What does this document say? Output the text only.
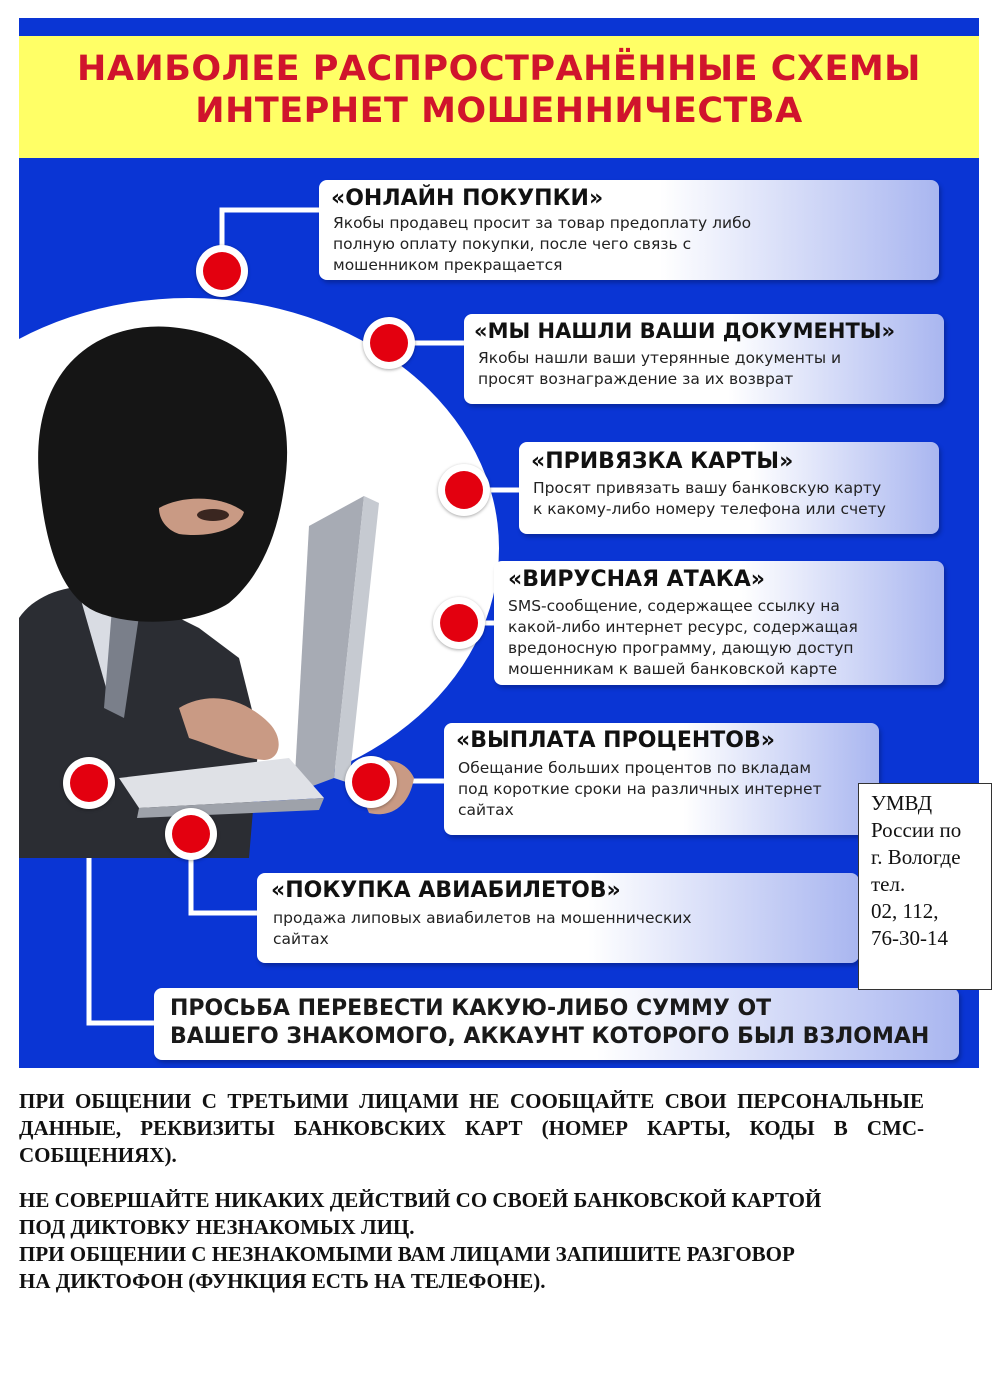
НАИБОЛЕЕ РАСПРОСТРАНЁННЫЕ СХЕМЫ
ИНТЕРНЕТ МОШЕННИЧЕСТВА
«ОНЛАЙН ПОКУПКИ»
Якобы продавец просит за товар предоплату либо
полную оплату покупки, после чего связь с
мошенником прекращается
«МЫ НАШЛИ ВАШИ ДОКУМЕНТЫ»
Якобы нашли ваши утерянные документы и
просят вознаграждение за их возврат
«ПРИВЯЗКА КАРТЫ»
Просят привязать вашу банковскую карту
к какому-либо номеру телефона или счету
«ВИРУСНАЯ АТАКА»
SMS-сообщение, содержащее ссылку на
какой-либо интернет ресурс, содержащая
вредоносную программу, дающую доступ
мошенникам к вашей банковской карте
«ВЫПЛАТА ПРОЦЕНТОВ»
Обещание больших процентов по вкладам
под короткие сроки на различных интернет
сайтах
«ПОКУПКА АВИАБИЛЕТОВ»
продажа липовых авиабилетов на мошеннических
сайтах
ПРОСЬБА ПЕРЕВЕСТИ КАКУЮ-ЛИБО СУММУ ОТ
ВАШЕГО ЗНАКОМОГО, АККАУНТ КОТОРОГО БЫЛ ВЗЛОМАН
УМВД
России по
г. Вологде
тел.
02, 112,
76-30-14
ПРИ ОБЩЕНИИ С ТРЕТЬИМИ ЛИЦАМИ НЕ СООБЩАЙТЕ СВОИ ПЕРСОНАЛЬНЫЕ ДАННЫЕ, РЕКВИЗИТЫ БАНКОВСКИХ КАРТ (НОМЕР КАРТЫ, КОДЫ В СМС-СОБЩЕНИЯХ).
НЕ СОВЕРШАЙТЕ НИКАКИХ ДЕЙСТВИЙ СО СВОЕЙ БАНКОВСКОЙ КАРТОЙ
ПОД ДИКТОВКУ НЕЗНАКОМЫХ ЛИЦ.
ПРИ ОБЩЕНИИ С НЕЗНАКОМЫМИ ВАМ ЛИЦАМИ ЗАПИШИТЕ РАЗГОВОР
НА ДИКТОФОН (ФУНКЦИЯ ЕСТЬ НА ТЕЛЕФОНЕ).
